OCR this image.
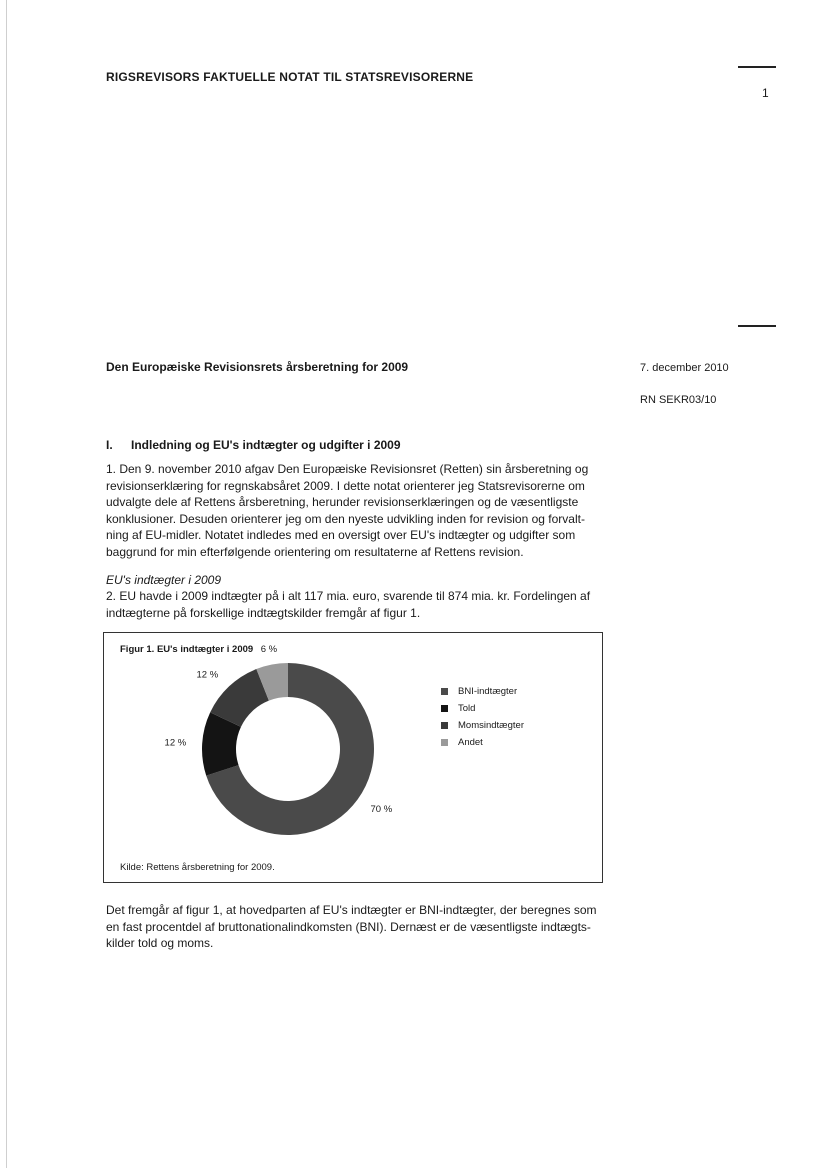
RIGSREVISORS FAKTUELLE NOTAT TIL STATSREVISORERNE
1
Den Europæiske Revisionsrets årsberetning for 2009	7. december 2010
RN SEKR03/10
I. Indledning og EU's indtægter og udgifter i 2009
1. Den 9. november 2010 afgav Den Europæiske Revisionsret (Retten) sin årsberetning og
revisionserklæring for regnskabsåret 2009. I dette notat orienterer jeg Statsrevisorerne om
udvalgte dele af Rettens årsberetning, herunder revisionserklæringen og de væsentligste
konklusioner. Desuden orienterer jeg om den nyeste udvikling inden for revision og forvalt-
ning af EU-midler. Notatet indledes med en oversigt over EU's indtægter og udgifter som
baggrund for min efterfølgende orientering om resultaterne af Rettens revision.
EU's indtægter i 2009
2. EU havde i 2009 indtægter på i alt 117 mia. euro, svarende til 874 mia. kr. Fordelingen af
indtægterne på forskellige indtægtskilder fremgår af figur 1.
Figur 1. EU's indtægter i 2009
70 %
12 %
12 %
6 %
BNI-indtægter
Told
Momsindtægter
Andet
Kilde: Rettens årsberetning for 2009.
Det fremgår af figur 1, at hovedparten af EU's indtægter er BNI-indtægter, der beregnes som
en fast procentdel af bruttonationalindkomsten (BNI). Dernæst er de væsentligste indtægts-
kilder told og moms.
